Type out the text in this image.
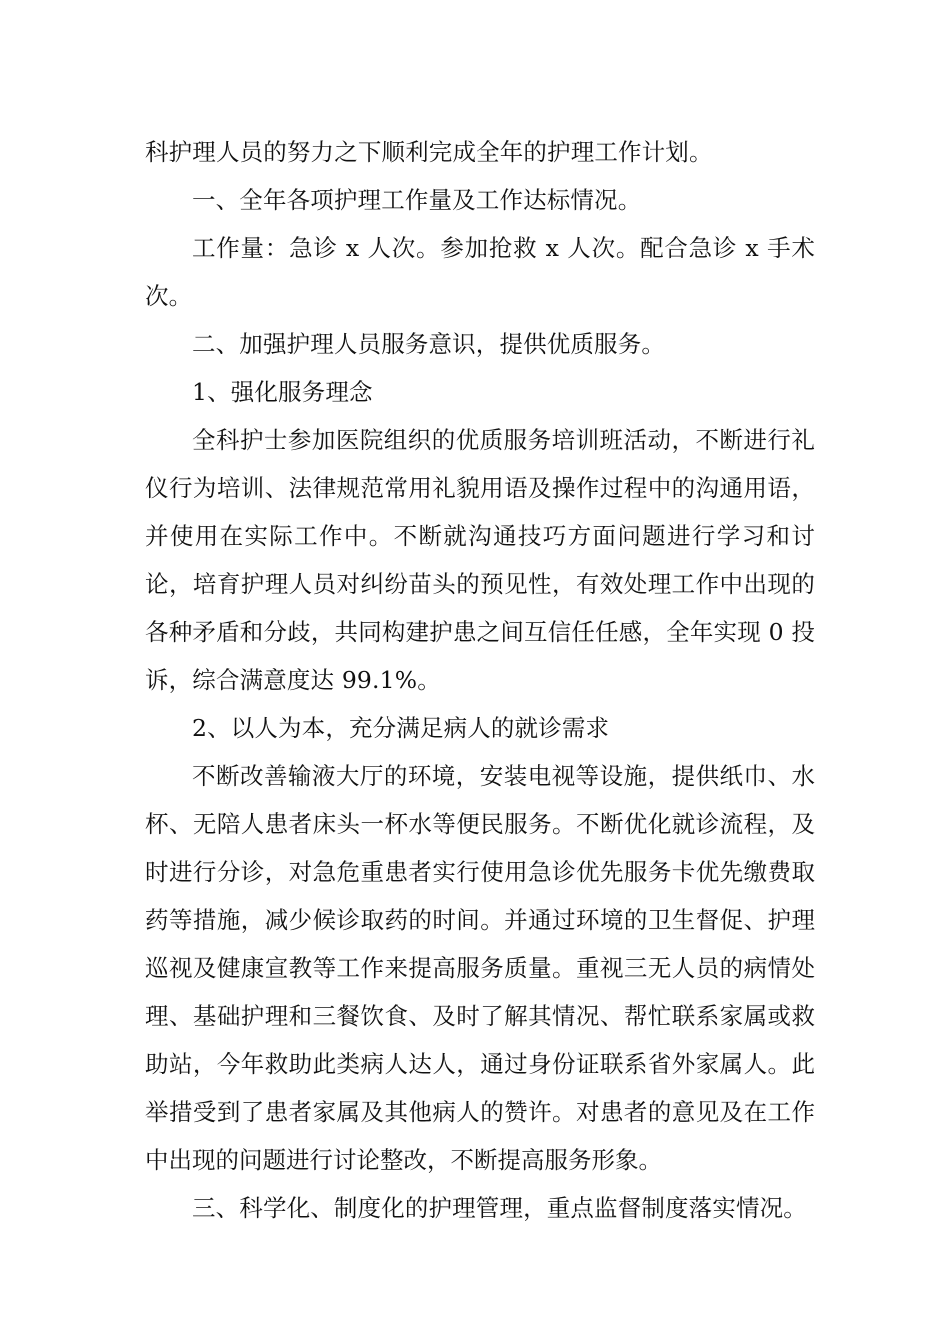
科护理人员的努力之下顺利完成全年的护理工作计划。

一、全年各项护理工作量及工作达标情况。

工作量：急诊 x 人次。参加抢救 x 人次。配合急诊 x 手术次。

二、加强护理人员服务意识，提供优质服务。

1、强化服务理念

全科护士参加医院组织的优质服务培训班活动，不断进行礼仪行为培训、法律规范常用礼貌用语及操作过程中的沟通用语，并使用在实际工作中。不断就沟通技巧方面问题进行学习和讨论，培育护理人员对纠纷苗头的预见性，有效处理工作中出现的各种矛盾和分歧，共同构建护患之间互信任任感，全年实现 0 投诉，综合满意度达 99.1%。

2、以人为本，充分满足病人的就诊需求

不断改善输液大厅的环境，安装电视等设施，提供纸巾、水杯、无陪人患者床头一杯水等便民服务。不断优化就诊流程，及时进行分诊，对急危重患者实行使用急诊优先服务卡优先缴费取药等措施，减少候诊取药的时间。并通过环境的卫生督促、护理巡视及健康宣教等工作来提高服务质量。重视三无人员的病情处理、基础护理和三餐饮食、及时了解其情况、帮忙联系家属或救助站，今年救助此类病人达人，通过身份证联系省外家属人。此举措受到了患者家属及其他病人的赞许。对患者的意见及在工作中出现的问题进行讨论整改，不断提高服务形象。

三、科学化、制度化的护理管理，重点监督制度落实情况。
